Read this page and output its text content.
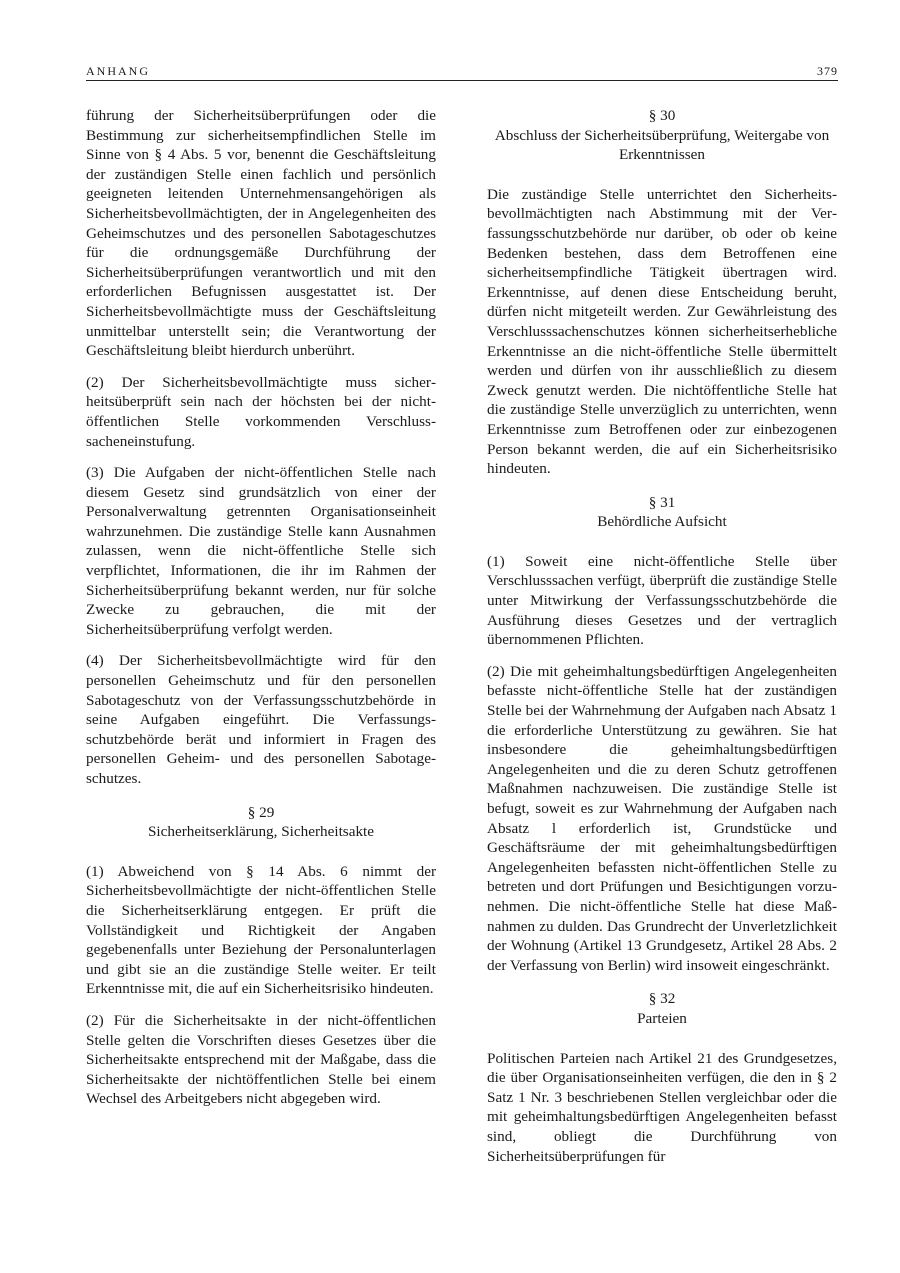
ANHANG	379

führung der Sicherheitsüberprüfungen oder die Bestimmung zur sicherheitsempfindlichen Stelle im Sinne von § 4 Abs. 5 vor, benennt die Geschäftsleitung der zuständigen Stelle einen fachlich und persönlich geeigneten leitenden Unternehmensangehörigen als Sicherheitsbevollmächtigten, der in Angelegenheiten des Geheimschutzes und des personellen Sabotageschutzes für die ordnungsgemäße Durchführung der Sicherheitsüberprüfungen verantwortlich und mit den erforderlichen Befugnissen ausgestattet ist. Der Sicherheitsbevollmächtigte muss der Geschäftsleitung unmittelbar unterstellt sein; die Verantwortung der Geschäftsleitung bleibt hierdurch unberührt.

(2) Der Sicherheitsbevollmächtigte muss sicherheitsüberprüft sein nach der höchsten bei der nichtöffentlichen Stelle vorkommenden Verschlusssacheneinstufung.

(3) Die Aufgaben der nicht-öffentlichen Stelle nach diesem Gesetz sind grundsätzlich von einer der Personalverwaltung getrennten Organisationseinheit wahrzunehmen. Die zuständige Stelle kann Ausnahmen zulassen, wenn die nicht-öffentliche Stelle sich verpflichtet, Informationen, die ihr im Rahmen der Sicherheitsüberprüfung bekannt werden, nur für solche Zwecke zu gebrauchen, die mit der Sicherheitsüberprüfung verfolgt werden.

(4) Der Sicherheitsbevollmächtigte wird für den personellen Geheimschutz und für den personellen Sabotageschutz von der Verfassungsschutzbehörde in seine Aufgaben eingeführt. Die Verfassungsschutzbehörde berät und informiert in Fragen des personellen Geheim- und des personellen Sabotageschutzes.

§ 29
Sicherheitserklärung, Sicherheitsakte

(1) Abweichend von § 14 Abs. 6 nimmt der Sicherheitsbevollmächtigte der nicht-öffentlichen Stelle die Sicherheitserklärung entgegen. Er prüft die Vollständigkeit und Richtigkeit der Angaben gegebenenfalls unter Beziehung der Personalunterlagen und gibt sie an die zuständige Stelle weiter. Er teilt Erkenntnisse mit, die auf ein Sicherheitsrisiko hindeuten.

(2) Für die Sicherheitsakte in der nicht-öffentlichen Stelle gelten die Vorschriften dieses Gesetzes über die Sicherheitsakte entsprechend mit der Maßgabe, dass die Sicherheitsakte der nichtöffentlichen Stelle bei einem Wechsel des Arbeitgebers nicht abgegeben wird.

§ 30
Abschluss der Sicherheitsüberprüfung, Weitergabe von Erkenntnissen

Die zuständige Stelle unterrichtet den Sicherheitsbevollmächtigten nach Abstimmung mit der Verfassungsschutzbehörde nur darüber, ob oder ob keine Bedenken bestehen, dass dem Betroffenen eine sicherheitsempfindliche Tätigkeit übertragen wird. Erkenntnisse, auf denen diese Entscheidung beruht, dürfen nicht mitgeteilt werden. Zur Gewährleistung des Verschlusssachenschutzes können sicherheitserhebliche Erkenntnisse an die nicht-öffentliche Stelle übermittelt werden und dürfen von ihr ausschließlich zu diesem Zweck genutzt werden. Die nichtöffentliche Stelle hat die zuständige Stelle unverzüglich zu unterrichten, wenn Erkenntnisse zum Betroffenen oder zur einbezogenen Person bekannt werden, die auf ein Sicherheitsrisiko hindeuten.

§ 31
Behördliche Aufsicht

(1) Soweit eine nicht-öffentliche Stelle über Verschlusssachen verfügt, überprüft die zuständige Stelle unter Mitwirkung der Verfassungsschutzbehörde die Ausführung dieses Gesetzes und der vertraglich übernommenen Pflichten.

(2) Die mit geheimhaltungsbedürftigen Angelegenheiten befasste nicht-öffentliche Stelle hat der zuständigen Stelle bei der Wahrnehmung der Aufgaben nach Absatz 1 die erforderliche Unterstützung zu gewähren. Sie hat insbesondere die geheimhaltungsbedürftigen Angelegenheiten und die zu deren Schutz getroffenen Maßnahmen nachzuweisen. Die zuständige Stelle ist befugt, soweit es zur Wahrnehmung der Aufgaben nach Absatz l erforderlich ist, Grundstücke und Geschäftsräume der mit geheimhaltungsbedürftigen Angelegenheiten befassten nicht-öffentlichen Stelle zu betreten und dort Prüfungen und Besichtigungen vorzunehmen. Die nicht-öffentliche Stelle hat diese Maßnahmen zu dulden. Das Grundrecht der Unverletzlichkeit der Wohnung (Artikel 13 Grundgesetz, Artikel 28 Abs. 2 der Verfassung von Berlin) wird insoweit eingeschränkt.

§ 32
Parteien

Politischen Parteien nach Artikel 21 des Grundgesetzes, die über Organisationseinheiten verfügen, die den in § 2 Satz 1 Nr. 3 beschriebenen Stellen vergleichbar oder die mit geheimhaltungsbedürftigen Angelegenheiten befasst sind, obliegt die Durchführung von Sicherheitsüberprüfungen für
